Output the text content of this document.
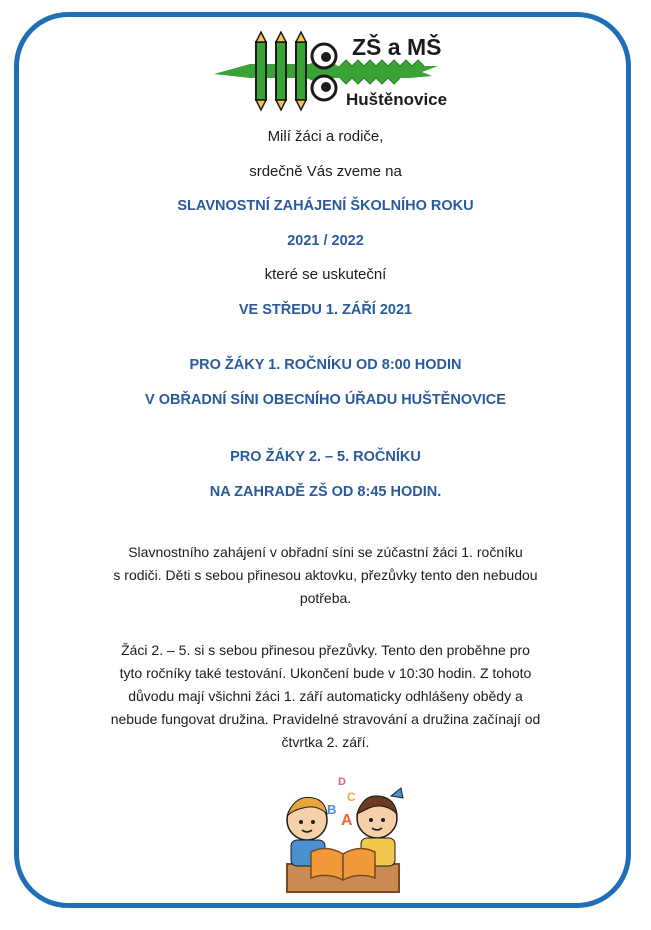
ZŠ a MŠ
Huštěnovice
Milí žáci a rodiče,
srdečně Vás zveme na
SLAVNOSTNÍ ZAHÁJENÍ ŠKOLNÍHO ROKU
2021 / 2022
které se uskuteční
VE STŘEDU 1. ZÁŘÍ 2021
PRO ŽÁKY 1. ROČNÍKU OD 8:00 HODIN
V OBŘADNÍ SÍNI OBECNÍHO ÚŘADU HUŠTĚNOVICE
PRO ŽÁKY 2. – 5. ROČNÍKU
NA ZAHRADĚ ZŠ OD 8:45 HODIN.
Slavnostního zahájení v obřadní síni se zúčastní žáci 1. ročníku
s rodiči. Děti s sebou přinesou aktovku, přezůvky tento den nebudou
potřeba.
Žáci 2. – 5. si s sebou přinesou přezůvky. Tento den proběhne pro
tyto ročníky také testování. Ukončení bude v 10:30 hodin. Z tohoto
důvodu mají všichni žáci 1. září automaticky odhlášeny obědy a
nebude fungovat družina. Pravidelné stravování a družina začínají od
čtvrtka 2. září.
D
C
B
A
